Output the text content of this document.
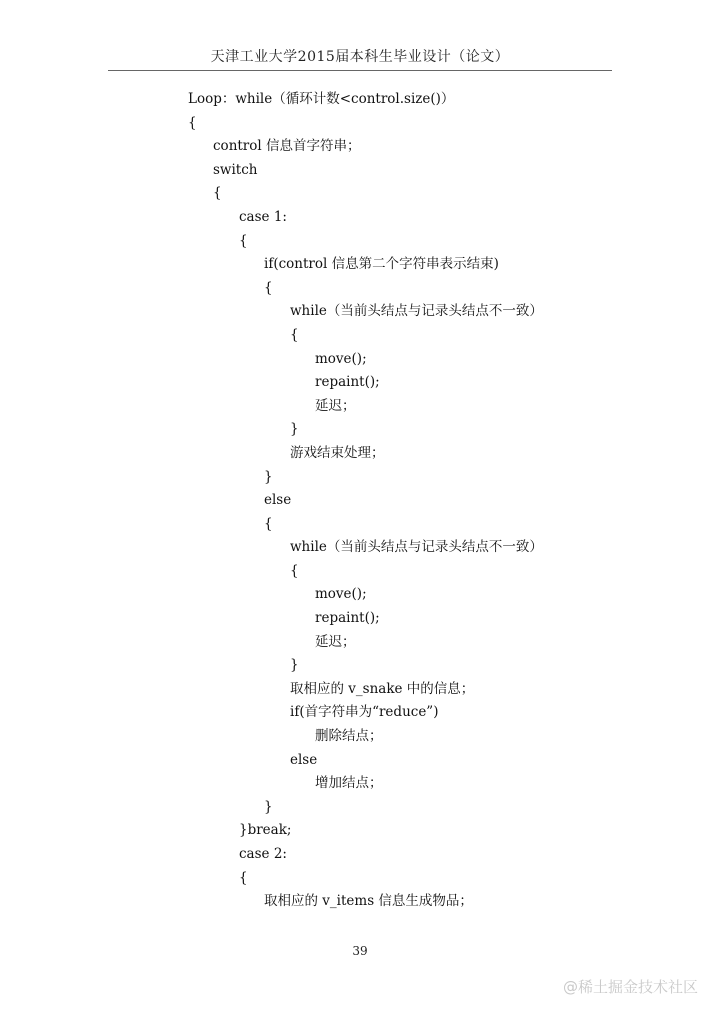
天津工业大学2015届本科生毕业设计（论文）
Loop：while（循环计数<control.size()）
{
control 信息首字符串；
switch
{
case 1:
{
if(control 信息第二个字符串表示结束)
{
while（当前头结点与记录头结点不一致）
{
move();
repaint();
延迟；
}
游戏结束处理；
}
else
{
while（当前头结点与记录头结点不一致）
{
move();
repaint();
延迟；
}
取相应的 v_snake 中的信息；
if(首字符串为“reduce”)
删除结点；
else
增加结点；
}
}break;
case 2:
{
取相应的 v_items 信息生成物品；
39
@稀土掘金技术社区
